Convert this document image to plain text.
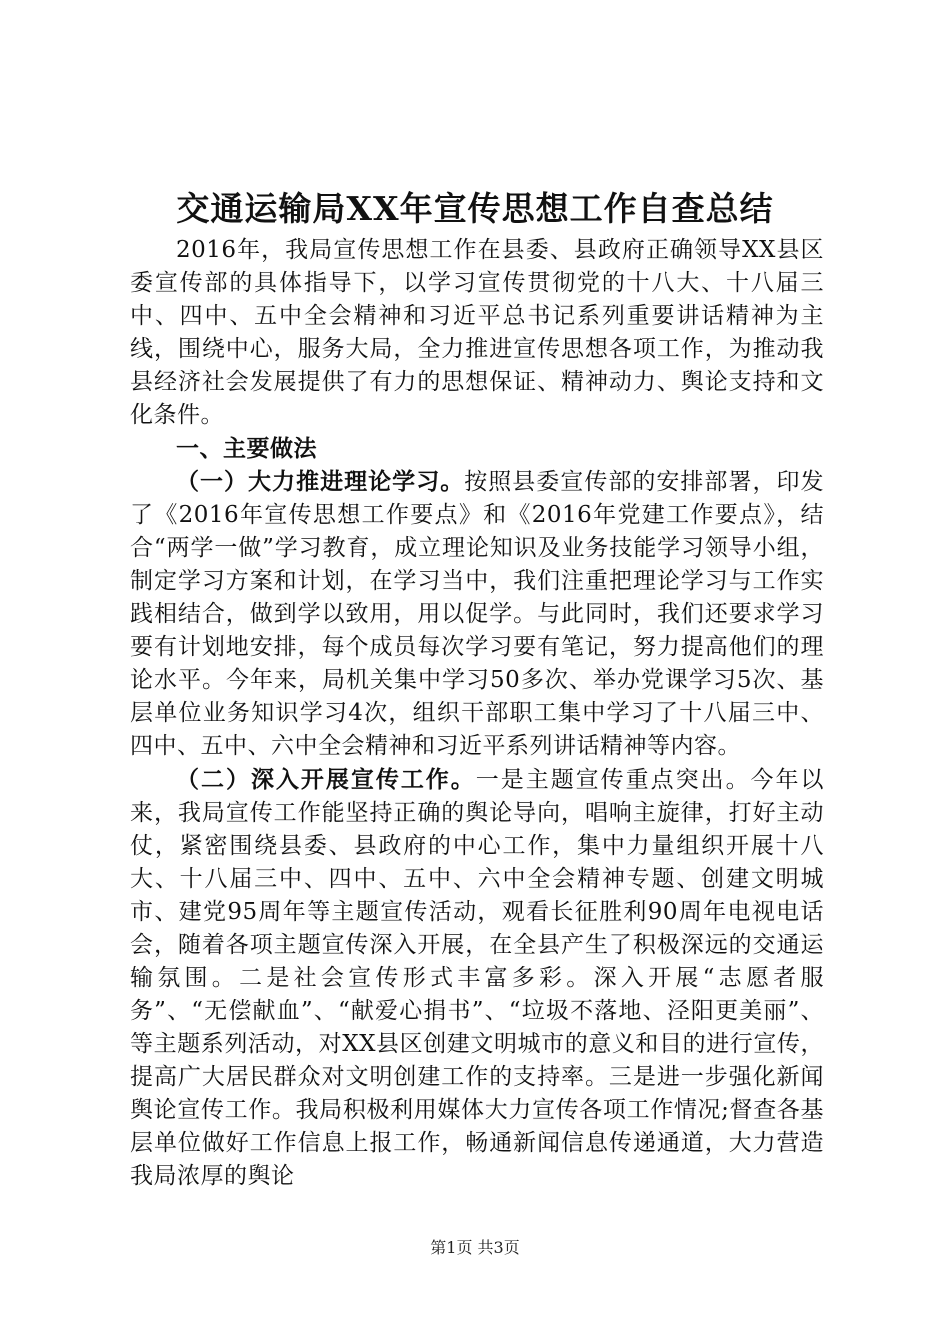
交通运输局XX年宣传思想工作自查总结

2016年，我局宣传思想工作在县委、县政府正确领导XX县区委宣传部的具体指导下，以学习宣传贯彻党的十八大、十八届三中、四中、五中全会精神和习近平总书记系列重要讲话精神为主线，围绕中心，服务大局，全力推进宣传思想各项工作，为推动我县经济社会发展提供了有力的思想保证、精神动力、舆论支持和文化条件。

一、主要做法

（一）大力推进理论学习。按照县委宣传部的安排部署，印发了《2016年宣传思想工作要点》和《2016年党建工作要点》，结合“两学一做”学习教育，成立理论知识及业务技能学习领导小组，制定学习方案和计划，在学习当中，我们注重把理论学习与工作实践相结合，做到学以致用，用以促学。与此同时，我们还要求学习要有计划地安排，每个成员每次学习要有笔记，努力提高他们的理论水平。今年来，局机关集中学习50多次、举办党课学习5次、基层单位业务知识学习4次，组织干部职工集中学习了十八届三中、四中、五中、六中全会精神和习近平系列讲话精神等内容。

（二）深入开展宣传工作。一是主题宣传重点突出。今年以来，我局宣传工作能坚持正确的舆论导向，唱响主旋律，打好主动仗，紧密围绕县委、县政府的中心工作，集中力量组织开展十八大、十八届三中、四中、五中、六中全会精神专题、创建文明城市、建党95周年等主题宣传活动，观看长征胜利90周年电视电话会，随着各项主题宣传深入开展，在全县产生了积极深远的交通运输氛围。二是社会宣传形式丰富多彩。深入开展“志愿者服务”、“无偿献血”、“献爱心捐书”、“垃圾不落地、泾阳更美丽”、等主题系列活动，对XX县区创建文明城市的意义和目的进行宣传，提高广大居民群众对文明创建工作的支持率。三是进一步强化新闻舆论宣传工作。我局积极利用媒体大力宣传各项工作情况;督查各基层单位做好工作信息上报工作，畅通新闻信息传递通道，大力营造我局浓厚的舆论

第1页 共3页
